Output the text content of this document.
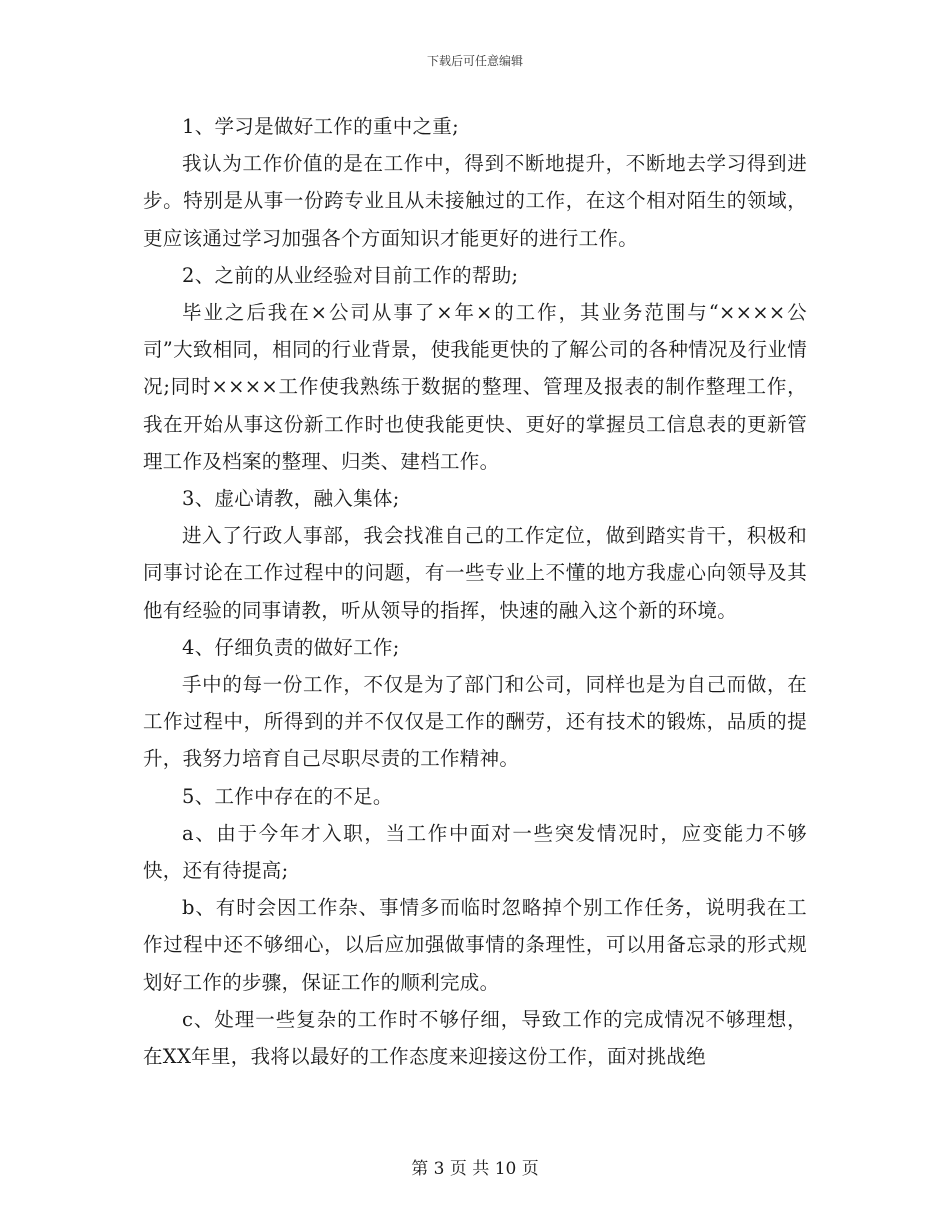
下载后可任意编辑

1、学习是做好工作的重中之重;

我认为工作价值的是在工作中，得到不断地提升，不断地去学习得到进步。特别是从事一份跨专业且从未接触过的工作，在这个相对陌生的领域，更应该通过学习加强各个方面知识才能更好的进行工作。

2、之前的从业经验对目前工作的帮助;

毕业之后我在×公司从事了×年×的工作，其业务范围与“××××公司”大致相同，相同的行业背景，使我能更快的了解公司的各种情况及行业情况;同时××××工作使我熟练于数据的整理、管理及报表的制作整理工作，我在开始从事这份新工作时也使我能更快、更好的掌握员工信息表的更新管理工作及档案的整理、归类、建档工作。

3、虚心请教，融入集体;

进入了行政人事部，我会找准自己的工作定位，做到踏实肯干，积极和同事讨论在工作过程中的问题，有一些专业上不懂的地方我虚心向领导及其他有经验的同事请教，听从领导的指挥，快速的融入这个新的环境。

4、仔细负责的做好工作;

手中的每一份工作，不仅是为了部门和公司，同样也是为自己而做，在工作过程中，所得到的并不仅仅是工作的酬劳，还有技术的锻炼，品质的提升，我努力培育自己尽职尽责的工作精神。

5、工作中存在的不足。

a、由于今年才入职，当工作中面对一些突发情况时，应变能力不够快，还有待提高;

b、有时会因工作杂、事情多而临时忽略掉个别工作任务，说明我在工作过程中还不够细心，以后应加强做事情的条理性，可以用备忘录的形式规划好工作的步骤，保证工作的顺利完成。

c、处理一些复杂的工作时不够仔细，导致工作的完成情况不够理想，在XX年里，我将以最好的工作态度来迎接这份工作，面对挑战绝

第 3 页 共 10 页
